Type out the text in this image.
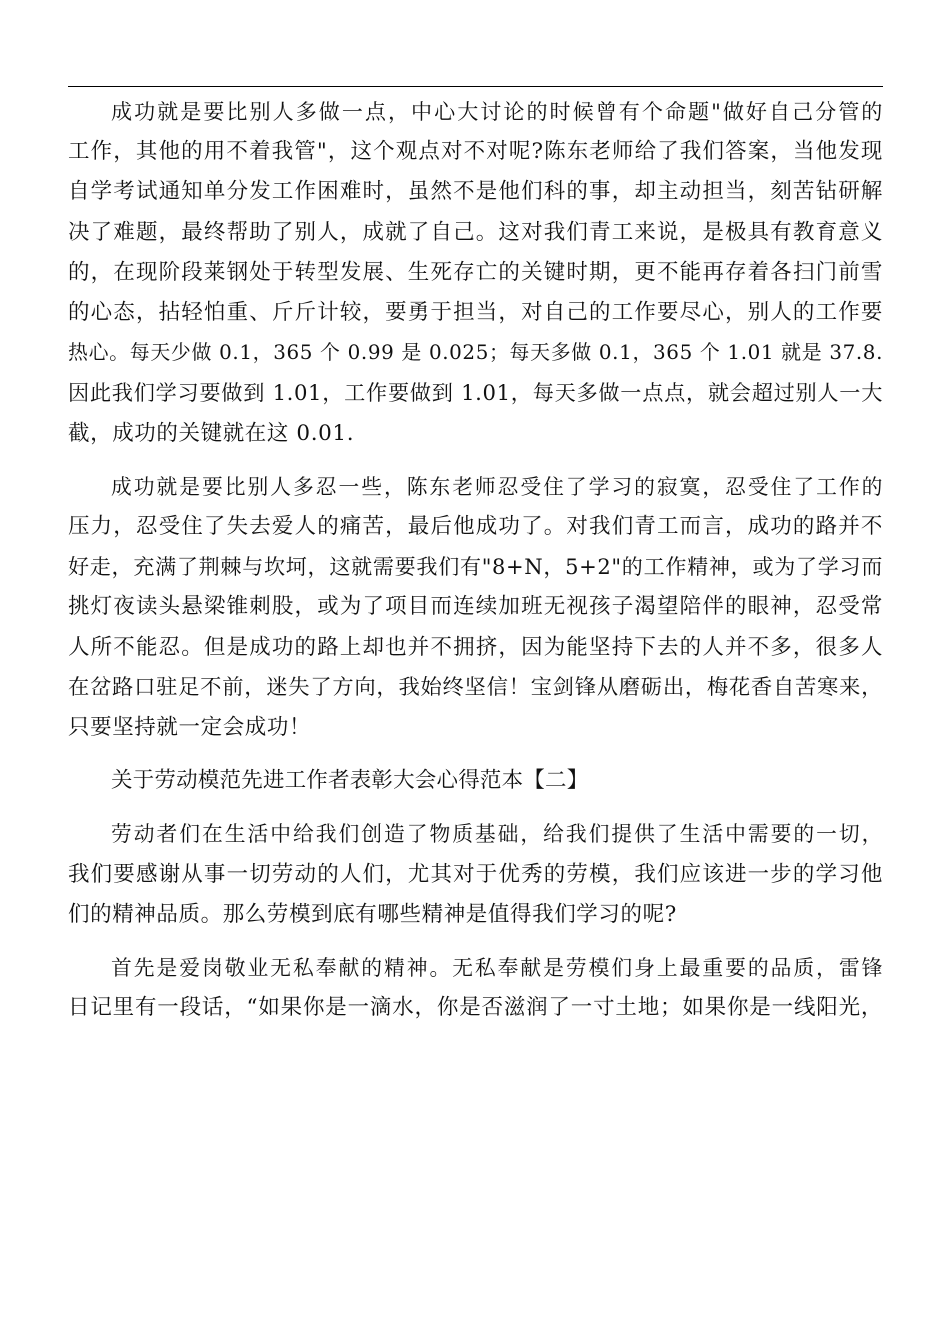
成功就是要比别人多做一点，中心大讨论的时候曾有个命题"做好自己分管的
工作，其他的用不着我管"，这个观点对不对呢?陈东老师给了我们答案，当他发现
自学考试通知单分发工作困难时，虽然不是他们科的事，却主动担当，刻苦钻研解
决了难题，最终帮助了别人，成就了自己。这对我们青工来说，是极具有教育意义
的，在现阶段莱钢处于转型发展、生死存亡的关键时期，更不能再存着各扫门前雪
的心态，拈轻怕重、斤斤计较，要勇于担当，对自己的工作要尽心，别人的工作要
热心。每天少做 0.1，365 个 0.99 是 0.025；每天多做 0.1，365 个 1.01 就是 37.8.
因此我们学习要做到 1.01，工作要做到 1.01，每天多做一点点，就会超过别人一大
截，成功的关键就在这 0.01.

成功就是要比别人多忍一些，陈东老师忍受住了学习的寂寞，忍受住了工作的
压力，忍受住了失去爱人的痛苦，最后他成功了。对我们青工而言，成功的路并不
好走，充满了荆棘与坎坷，这就需要我们有"8+N，5+2"的工作精神，或为了学习而
挑灯夜读头悬梁锥刺股，或为了项目而连续加班无视孩子渴望陪伴的眼神，忍受常
人所不能忍。但是成功的路上却也并不拥挤，因为能坚持下去的人并不多，很多人
在岔路口驻足不前，迷失了方向，我始终坚信！宝剑锋从磨砺出，梅花香自苦寒来，
只要坚持就一定会成功！

关于劳动模范先进工作者表彰大会心得范本【二】

劳动者们在生活中给我们创造了物质基础，给我们提供了生活中需要的一切，
我们要感谢从事一切劳动的人们，尤其对于优秀的劳模，我们应该进一步的学习他
们的精神品质。那么劳模到底有哪些精神是值得我们学习的呢?

首先是爱岗敬业无私奉献的精神。无私奉献是劳模们身上最重要的品质，雷锋
日记里有一段话，“如果你是一滴水，你是否滋润了一寸土地；如果你是一线阳光，
